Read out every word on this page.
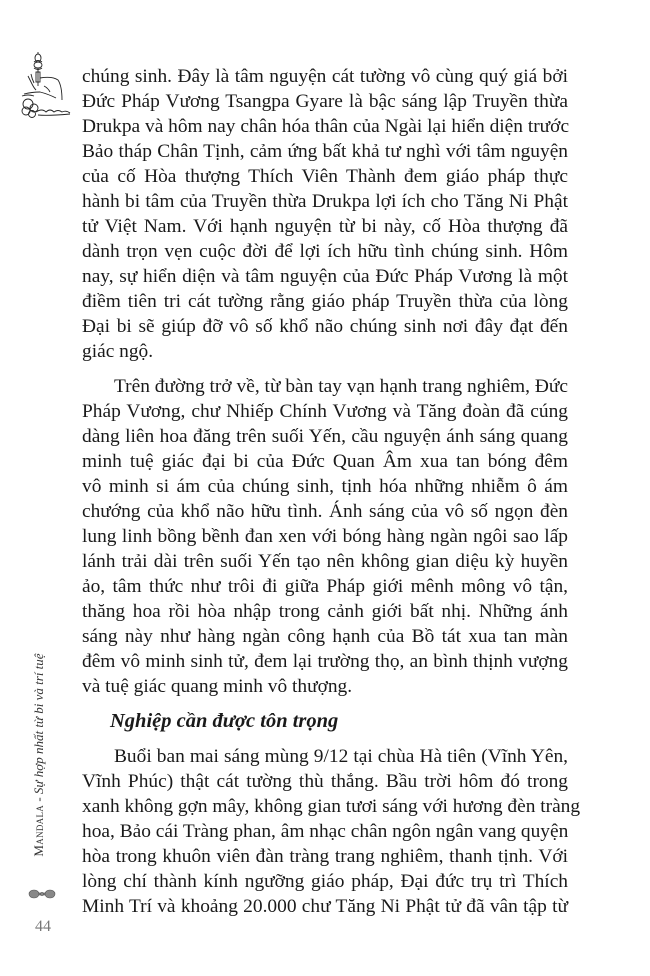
chúng sinh. Đây là tâm nguyện cát tường vô cùng quý giá bởi
Đức Pháp Vương Tsangpa Gyare là bậc sáng lập Truyền thừa
Drukpa và hôm nay chân hóa thân của Ngài lại hiển diện trước
Bảo tháp Chân Tịnh, cảm ứng bất khả tư nghì với tâm nguyện
của cố Hòa thượng Thích Viên Thành đem giáo pháp thực
hành bi tâm của Truyền thừa Drukpa lợi ích cho Tăng Ni Phật
tử Việt Nam. Với hạnh nguyện từ bi này, cố Hòa thượng đã
dành trọn vẹn cuộc đời để lợi ích hữu tình chúng sinh. Hôm
nay, sự hiển diện và tâm nguyện của Đức Pháp Vương là một
điềm tiên tri cát tường rằng giáo pháp Truyền thừa của lòng
Đại bi sẽ giúp đỡ vô số khổ não chúng sinh nơi đây đạt đến
giác ngộ.

Trên đường trở về, từ bàn tay vạn hạnh trang nghiêm, Đức
Pháp Vương, chư Nhiếp Chính Vương và Tăng đoàn đã cúng
dàng liên hoa đăng trên suối Yến, cầu nguyện ánh sáng quang
minh tuệ giác đại bi của Đức Quan Âm xua tan bóng đêm
vô minh si ám của chúng sinh, tịnh hóa những nhiễm ô ám
chướng của khổ não hữu tình. Ánh sáng của vô số ngọn đèn
lung linh bồng bềnh đan xen với bóng hàng ngàn ngôi sao lấp
lánh trải dài trên suối Yến tạo nên không gian diệu kỳ huyền
ảo, tâm thức như trôi đi giữa Pháp giới mênh mông vô tận,
thăng hoa rồi hòa nhập trong cảnh giới bất nhị. Những ánh
sáng này như hàng ngàn công hạnh của Bồ tát xua tan màn
đêm vô minh sinh tử, đem lại trường thọ, an bình thịnh vượng
và tuệ giác quang minh vô thượng.

Nghiệp cần được tôn trọng

Buổi ban mai sáng mùng 9/12 tại chùa Hà tiên (Vĩnh Yên,
Vĩnh Phúc) thật cát tường thù thắng. Bầu trời hôm đó trong
xanh không gợn mây, không gian tươi sáng với hương đèn tràng
hoa, Bảo cái Tràng phan, âm nhạc chân ngôn ngân vang quyện
hòa trong khuôn viên đàn tràng trang nghiêm, thanh tịnh. Với
lòng chí thành kính ngưỡng giáo pháp, Đại đức trụ trì Thích
Minh Trí và khoảng 20.000 chư Tăng Ni Phật tử đã vân tập từ

Mandala - Sự hợp nhất từ bi và trí tuệ
44
